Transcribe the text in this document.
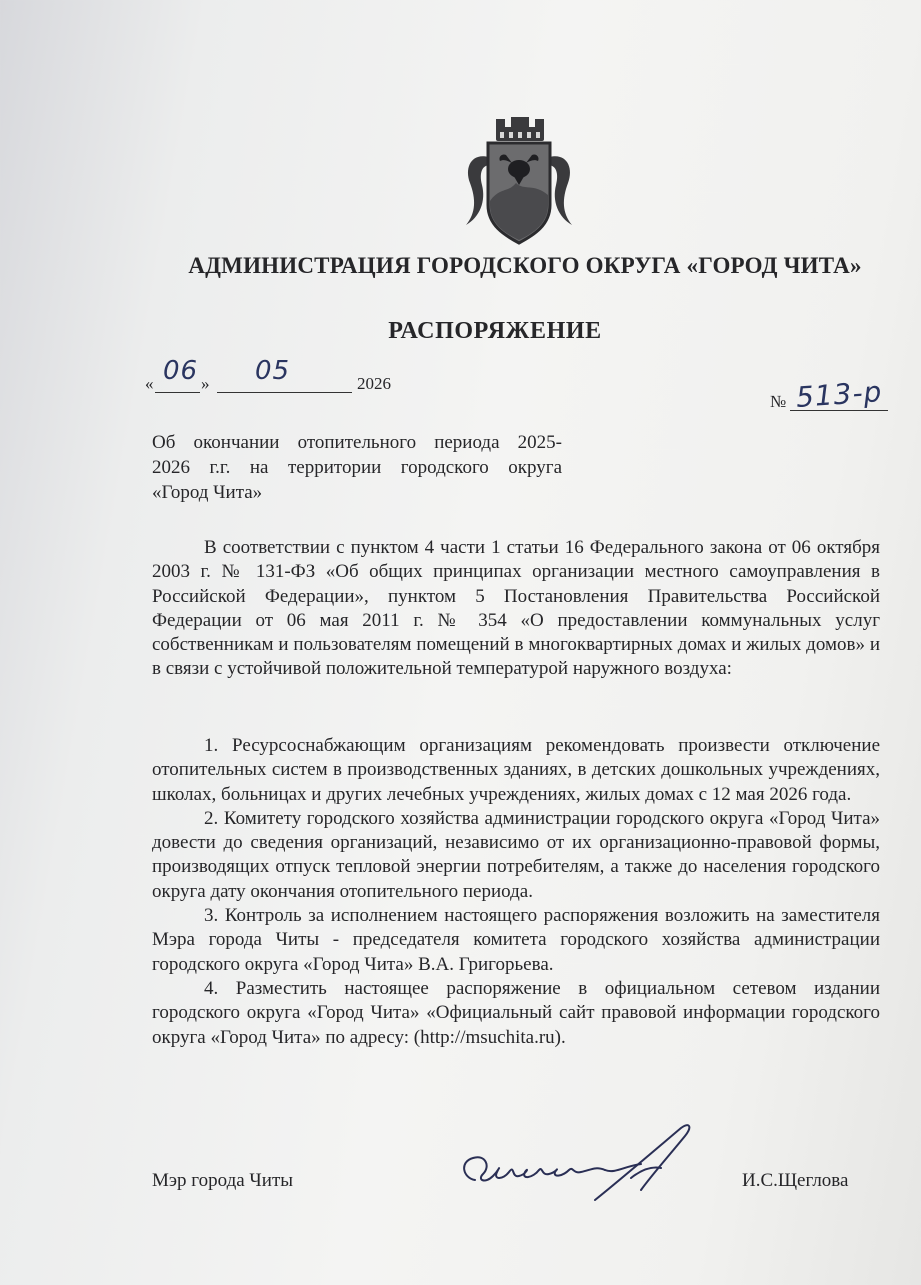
АДМИНИСТРАЦИЯ ГОРОДСКОГО ОКРУГА «ГОРОД ЧИТА»
РАСПОРЯЖЕНИЕ
« 06 » 05	2026
№ 513-р
Об окончании отопительного периода 2025-
2026 г.г. на территории городского округа
«Город Чита»

В соответствии с пунктом 4 части 1 статьи 16 Федерального закона от 06 октября 2003 г. № 131-ФЗ «Об общих принципах организации местного самоуправления в Российской Федерации», пунктом 5 Постановления Правительства Российской Федерации от 06 мая 2011 г. № 354 «О предоставлении коммунальных услуг собственникам и пользователям помещений в многоквартирных домах и жилых домов» и в связи с устойчивой положительной температурой наружного воздуха:

1. Ресурсоснабжающим организациям рекомендовать произвести отключение отопительных систем в производственных зданиях, в детских дошкольных учреждениях, школах, больницах и других лечебных учреждениях, жилых домах с 12 мая 2026 года.

2. Комитету городского хозяйства администрации городского округа «Город Чита» довести до сведения организаций, независимо от их организационно-правовой формы, производящих отпуск тепловой энергии потребителям, а также до населения городского округа дату окончания отопительного периода.

3. Контроль за исполнением настоящего распоряжения возложить на заместителя Мэра города Читы - председателя комитета городского хозяйства администрации городского округа «Город Чита» В.А. Григорьева.

4. Разместить настоящее распоряжение в официальном сетевом издании городского округа «Город Чита» «Официальный сайт правовой информации городского округа «Город Чита» по адресу: (http://msuchita.ru).

Мэр города Читы	И.С.Щеглова
